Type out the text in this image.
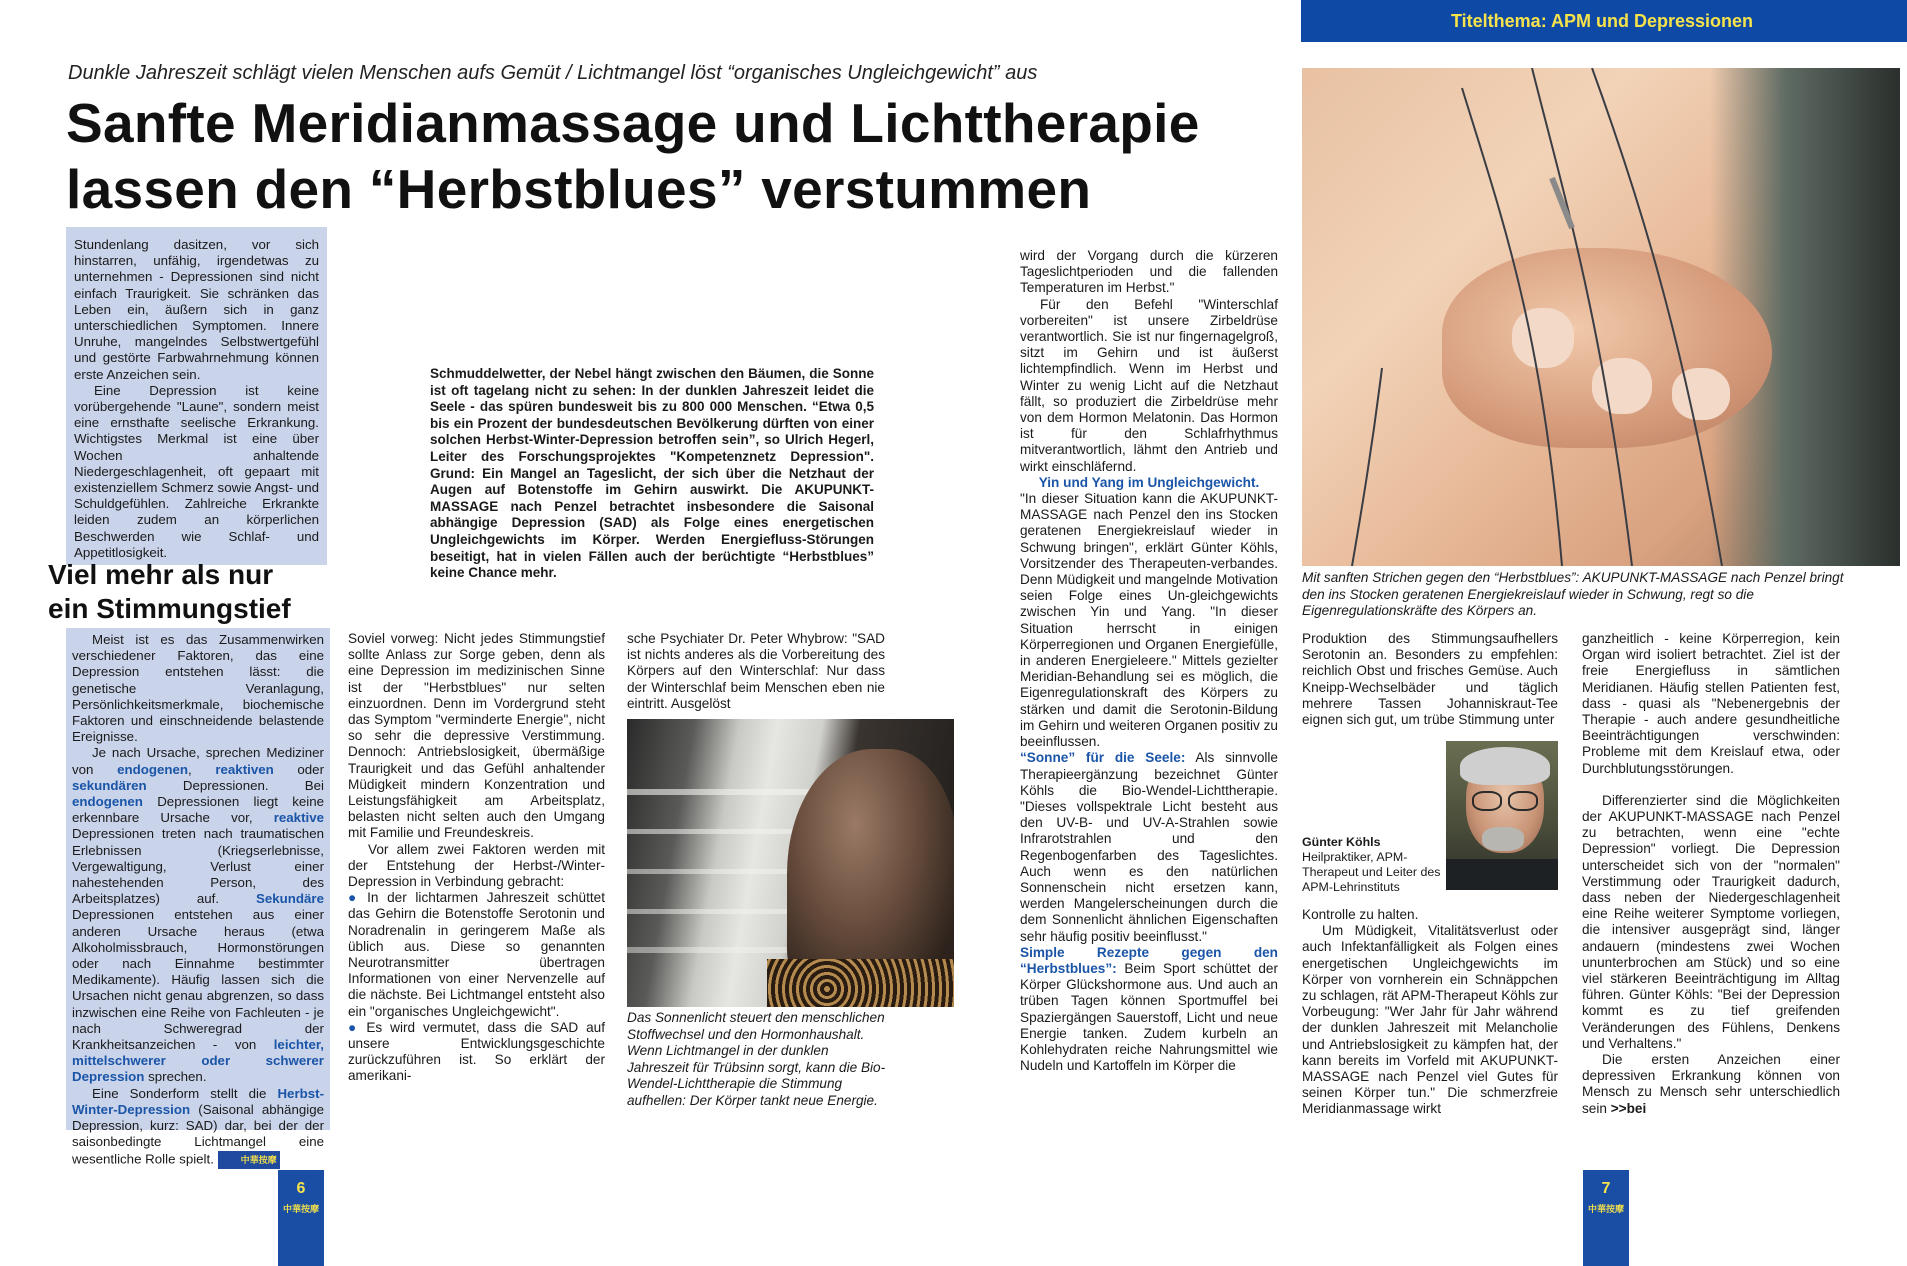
Titelthema: APM und Depressionen
Dunkle Jahreszeit schlägt vielen Menschen aufs Gemüt / Lichtmangel löst “organisches Ungleichgewicht” aus
Sanfte Meridianmassage und Lichttherapie
lassen den “Herbstblues” verstummen

Stundenlang dasitzen, vor sich hinstarren, unfähig, irgendetwas zu unternehmen - Depressionen sind nicht einfach Traurigkeit. Sie schränken das Leben ein, äußern sich in ganz unterschiedlichen Symptomen. Innere Unruhe, mangelndes Selbstwertgefühl und gestörte Farbwahrnehmung können erste Anzeichen sein.

Eine Depression ist keine vorübergehende "Laune", sondern meist eine ernsthafte seelische Erkrankung. Wichtigstes Merkmal ist eine über Wochen anhaltende Niedergeschlagenheit, oft gepaart mit existenziellem Schmerz sowie Angst- und Schuldgefühlen. Zahlreiche Erkrankte leiden zudem an körperlichen Beschwerden wie Schlaf- und Appetitlosigkeit.

Viel mehr als nur
ein Stimmungstief

Meist ist es das Zusammenwirken verschiedener Faktoren, das eine Depression entstehen lässt: die genetische Veranlagung, Persönlichkeitsmerkmale, biochemische Faktoren und einschneidende belastende Ereignisse.

Je nach Ursache, sprechen Mediziner von endogenen, reaktiven oder sekundären Depressionen. Bei endogenen Depressionen liegt keine erkennbare Ursache vor, reaktive Depressionen treten nach traumatischen Erlebnissen (Kriegserlebnisse, Vergewaltigung, Verlust einer nahestehenden Person, des Arbeitsplatzes) auf. Sekundäre Depressionen entstehen aus einer anderen Ursache heraus (etwa Alkoholmissbrauch, Hormonstörungen oder nach Einnahme bestimmter Medikamente). Häufig lassen sich die Ursachen nicht genau abgrenzen, so dass inzwischen eine Reihe von Fachleuten - je nach Schweregrad der Krankheitsanzeichen - von leichter, mittelschwerer oder schwerer Depression sprechen.

Eine Sonderform stellt die Herbst-Winter-Depression (Saisonal abhängige Depression, kurz: SAD) dar, bei der der saisonbedingte Lichtmangel eine wesentliche Rolle spielt.	中華按摩

Schmuddelwetter, der Nebel hängt zwischen den Bäumen, die Sonne ist oft tagelang nicht zu sehen: In der dunklen Jahreszeit leidet die Seele - das spüren bundesweit bis zu 800 000 Menschen. “Etwa 0,5 bis ein Prozent der bundesdeutschen Bevölkerung dürften von einer solchen Herbst-Winter-Depression betroffen sein”, so Ulrich Hegerl, Leiter des Forschungsprojektes "Kompetenznetz Depression". Grund: Ein Mangel an Tageslicht, der sich über die Netzhaut der Augen auf Botenstoffe im Gehirn auswirkt. Die AKUPUNKT-MASSAGE nach Penzel betrachtet insbesondere die Saisonal abhängige Depression (SAD) als Folge eines energetischen Ungleichgewichts im Körper. Werden Energiefluss-Störungen beseitigt, hat in vielen Fällen auch der berüchtigte “Herbstblues” keine Chance mehr.

Soviel vorweg: Nicht jedes Stimmungstief sollte Anlass zur Sorge geben, denn als eine Depression im medizinischen Sinne ist der "Herbstblues" nur selten einzuordnen. Denn im Vordergrund steht das Symptom "verminderte Energie", nicht so sehr die depressive Verstimmung. Dennoch: Antriebslosigkeit, übermäßige Traurigkeit und das Gefühl anhaltender Müdigkeit mindern Konzentration und Leistungsfähigkeit am Arbeitsplatz, belasten nicht selten auch den Umgang mit Familie und Freundeskreis.

Vor allem zwei Faktoren werden mit der Entstehung der Herbst-/Winter-Depression in Verbindung gebracht:

● In der lichtarmen Jahreszeit schüttet das Gehirn die Botenstoffe Serotonin und Noradrenalin in geringerem Maße als üblich aus. Diese so genannten Neurotransmitter übertragen Informationen von einer Nervenzelle auf die nächste. Bei Lichtmangel entsteht also ein "organisches Ungleichgewicht".

● Es wird vermutet, dass die SAD auf unsere Entwicklungsgeschichte zurückzuführen ist. So erklärt der amerikani-

sche Psychiater Dr. Peter Whybrow: "SAD ist nichts anderes als die Vorbereitung des Körpers auf den Winterschlaf: Nur dass der Winterschlaf beim Menschen eben nie eintritt. Ausgelöst

Das Sonnenlicht steuert den menschlichen Stoffwechsel und den Hormonhaushalt. Wenn Lichtmangel in der dunklen Jahreszeit für Trübsinn sorgt, kann die Bio-Wendel-Lichttherapie die Stimmung aufhellen: Der Körper tankt neue Energie.

wird der Vorgang durch die kürzeren Tageslichtperioden und die fallenden Temperaturen im Herbst."

Für den Befehl "Winterschlaf vorbereiten" ist unsere Zirbeldrüse verantwortlich. Sie ist nur fingernagelgroß, sitzt im Gehirn und ist äußerst lichtempfindlich. Wenn im Herbst und Winter zu wenig Licht auf die Netzhaut fällt, so produziert die Zirbeldrüse mehr von dem Hormon Melatonin. Das Hormon ist für den Schlafrhythmus mitverantwortlich, lähmt den Antrieb und wirkt einschläfernd.

Yin und Yang im Ungleichgewicht.

"In dieser Situation kann die AKUPUNKT-MASSAGE nach Penzel den ins Stocken geratenen Energiekreislauf wieder in Schwung bringen", erklärt Günter Köhls, Vorsitzender des Therapeuten-verbandes. Denn Müdigkeit und mangelnde Motivation seien Folge eines Un-gleichgewichts zwischen Yin und Yang. "In dieser Situation herrscht in einigen Körperregionen und Organen Energiefülle, in anderen Energieleere." Mittels gezielter Meridian-Behandlung sei es möglich, die Eigenregulationskraft des Körpers zu stärken und damit die Serotonin-Bildung im Gehirn und weiteren Organen positiv zu beeinflussen.

“Sonne” für die Seele: Als sinnvolle Therapieergänzung bezeichnet Günter Köhls die Bio-Wendel-Lichttherapie. "Dieses vollspektrale Licht besteht aus den UV-B- und UV-A-Strahlen sowie Infrarotstrahlen und den Regenbogenfarben des Tageslichtes. Auch wenn es den natürlichen Sonnenschein nicht ersetzen kann, werden Mangelerscheinungen durch die dem Sonnenlicht ähnlichen Eigenschaften sehr häufig positiv beeinflusst."

Simple Rezepte gegen den “Herbstblues”: Beim Sport schüttet der Körper Glückshormone aus. Und auch an trüben Tagen können Sportmuffel bei Spaziergängen Sauerstoff, Licht und neue Energie tanken. Zudem kurbeln an Kohlehydraten reiche Nahrungsmittel wie Nudeln und Kartoffeln im Körper die

Mit sanften Strichen gegen den “Herbstblues”: AKUPUNKT-MASSAGE nach Penzel bringt den ins Stocken geratenen Energiekreislauf wieder in Schwung, regt so die Eigenregulationskräfte des Körpers an.

Produktion des Stimmungsaufhellers Serotonin an. Besonders zu empfehlen: reichlich Obst und frisches Gemüse. Auch Kneipp-Wechselbäder und täglich mehrere Tassen Johanniskraut-Tee eignen sich gut, um trübe Stimmung unter

Günter Köhls
Heilpraktiker, APM-Therapeut und Leiter des APM-Lehrinstituts

Kontrolle zu halten.

Um Müdigkeit, Vitalitätsverlust oder auch Infektanfälligkeit als Folgen eines energetischen Ungleichgewichts im Körper von vornherein ein Schnäppchen zu schlagen, rät APM-Therapeut Köhls zur Vorbeugung: "Wer Jahr für Jahr während der dunklen Jahreszeit mit Melancholie und Antriebslosigkeit zu kämpfen hat, der kann bereits im Vorfeld mit AKUPUNKT-MASSAGE nach Penzel viel Gutes für seinen Körper tun." Die schmerzfreie Meridianmassage wirkt

ganzheitlich - keine Körperregion, kein Organ wird isoliert betrachtet. Ziel ist der freie Energiefluss in sämtlichen Meridianen. Häufig stellen Patienten fest, dass - quasi als "Nebenergebnis der Therapie - auch andere gesundheitliche Beeinträchtigungen verschwinden: Probleme mit dem Kreislauf etwa, oder Durchblutungsstörungen.

Differenzierter sind die Möglichkeiten der AKUPUNKT-MASSAGE nach Penzel zu betrachten, wenn eine "echte Depression" vorliegt. Die Depression unterscheidet sich von der "normalen" Verstimmung oder Traurigkeit dadurch, dass neben der Niedergeschlagenheit eine Reihe weiterer Symptome vorliegen, die intensiver ausgeprägt sind, länger andauern (mindestens zwei Wochen ununterbrochen am Stück) und so eine viel stärkeren Beeinträchtigung im Alltag führen. Günter Köhls: "Bei der Depression kommt es zu tief greifenden Veränderungen des Fühlens, Denkens und Verhaltens."

Die ersten Anzeichen einer depressiven Erkrankung können von Mensch zu Mensch sehr unterschiedlich sein >>bei

6
中華按摩
7
中華按摩
